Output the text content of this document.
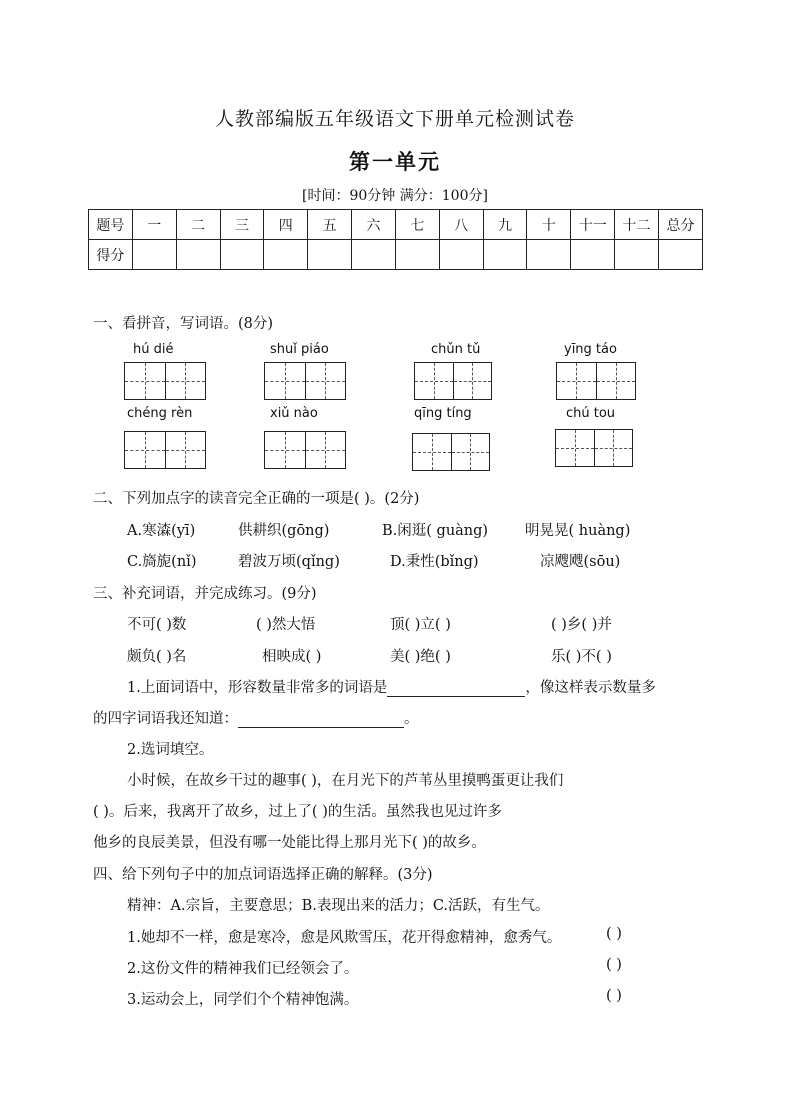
人教部编版五年级语文下册单元检测试卷
第一单元
[时间：90分钟 满分：100分]
题号	一	二	三	四	五	六	七	八	九	十	十一	十二	总分
得分													
一、看拼音，写词语。(8分)
hú dié	shuǐ piáo	chǔn tǔ	yīng táo
chéng rèn	xiǔ nào	qīng tíng	chú tou
二、下列加点字的读音完全正确的一项是( )。(2分)
A.寒潹(yī)	供耕织(gōng)	B.闲逛( guàng)	明晃晃( huàng)
C.旖旎(nǐ)	碧波万顷(qǐng)	D.秉性(bǐng)	凉飕飕(sōu)
三、补充词语，并完成练习。(9分)
不可( )数	( )然大悟	顶( )立( )	( )乡( )并
颇负( )名	相映成( )	美( )绝( )	乐( )不( )
1.上面词语中，形容数量非常多的词语是	，像这样表示数量多
的四字词语我还知道：	。
2.选词填空。
小时候，在故乡干过的趣事( )，在月光下的芦苇丛里摸鸭蛋更让我们
( )。后来，我离开了故乡，过上了( )的生活。虽然我也见过许多
他乡的良辰美景，但没有哪一处能比得上那月光下( )的故乡。
四、给下列句子中的加点词语选择正确的解释。(3分)
精神：A.宗旨，主要意思；B.表现出来的活力；C.活跃，有生气。
1.她却不一样，愈是寒冷，愈是风欺雪压，花开得愈精神，愈秀气。	( )
2.这份文件的精神我们已经领会了。	( )
3.运动会上，同学们个个精神饱满。	( )
